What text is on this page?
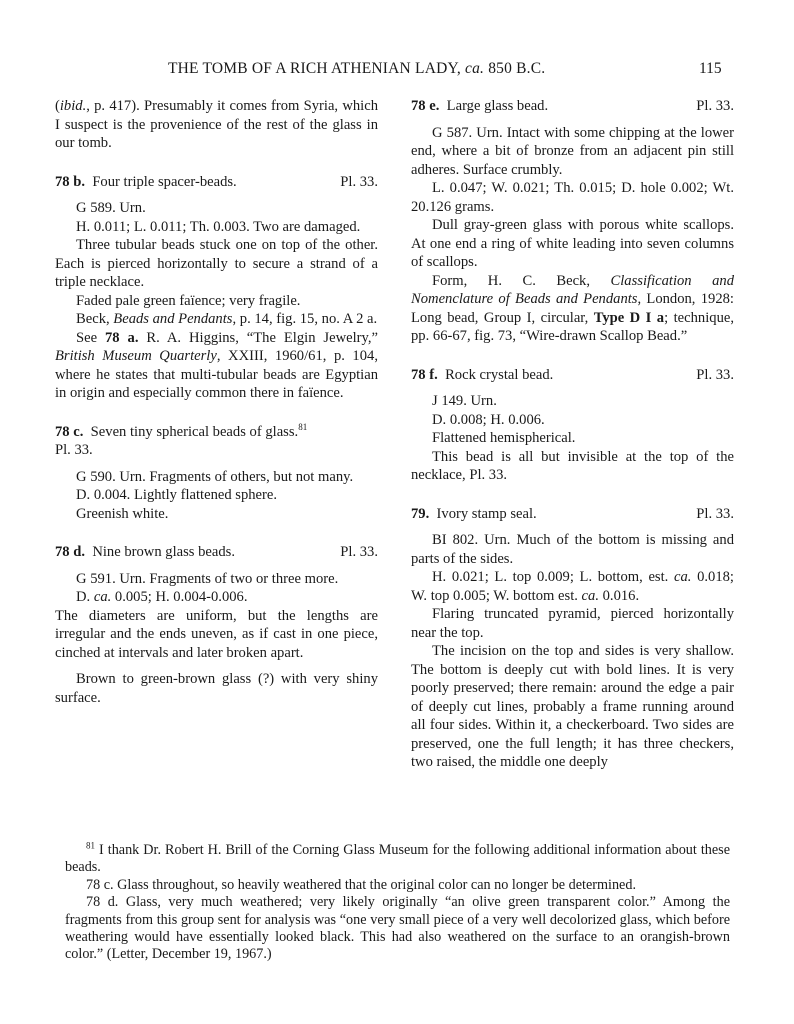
THE TOMB OF A RICH ATHENIAN LADY, ca. 850 B.C.	115

(ibid., p. 417). Presumably it comes from Syria, which I suspect is the provenience of the rest of the glass in our tomb.

78 b. Four triple spacer-beads.	Pl. 33.

G 589. Urn.

H. 0.011; L. 0.011; Th. 0.003. Two are damaged.

Three tubular beads stuck one on top of the other. Each is pierced horizontally to secure a strand of a triple necklace.

Faded pale green faïence; very fragile.

Beck, Beads and Pendants, p. 14, fig. 15, no. A 2 a.

See 78 a. R. A. Higgins, “The Elgin Jewelry,” British Museum Quarterly, XXIII, 1960/61, p. 104, where he states that multi-tubular beads are Egyptian in origin and especially common there in faïence.

78 c. Seven tiny spherical beads of glass.$^{81}$

Pl. 33.

G 590. Urn. Fragments of others, but not many.

D. 0.004. Lightly flattened sphere.

Greenish white.

78 d. Nine brown glass beads.	Pl. 33.

G 591. Urn. Fragments of two or three more.

D. ca. 0.005; H. 0.004-0.006.

The diameters are uniform, but the lengths are irregular and the ends uneven, as if cast in one piece, cinched at intervals and later broken apart.

Brown to green-brown glass (?) with very shiny surface.

78 e. Large glass bead.	Pl. 33.

G 587. Urn. Intact with some chipping at the lower end, where a bit of bronze from an adjacent pin still adheres. Surface crumbly.

L. 0.047; W. 0.021; Th. 0.015; D. hole 0.002; Wt. 20.126 grams.

Dull gray-green glass with porous white scallops. At one end a ring of white leading into seven columns of scallops.

Form, H. C. Beck, Classification and Nomenclature of Beads and Pendants, London, 1928: Long bead, Group I, circular, Type D I a; technique, pp. 66-67, fig. 73, “Wire-drawn Scallop Bead.”

78 f. Rock crystal bead.	Pl. 33.

J 149. Urn.

D. 0.008; H. 0.006.

Flattened hemispherical.

This bead is all but invisible at the top of the necklace, Pl. 33.

79. Ivory stamp seal.	Pl. 33.

BI 802. Urn. Much of the bottom is missing and parts of the sides.

H. 0.021; L. top 0.009; L. bottom, est. ca. 0.018; W. top 0.005; W. bottom est. ca. 0.016.

Flaring truncated pyramid, pierced horizontally near the top.

The incision on the top and sides is very shallow. The bottom is deeply cut with bold lines. It is very poorly preserved; there remain: around the edge a pair of deeply cut lines, probably a frame running around all four sides. Within it, a checkerboard. Two sides are preserved, one the full length; it has three checkers, two raised, the middle one deeply

$^{81}$ I thank Dr. Robert H. Brill of the Corning Glass Museum for the following additional information about these beads.

78 c. Glass throughout, so heavily weathered that the original color can no longer be determined.

78 d. Glass, very much weathered; very likely originally “an olive green transparent color.” Among the fragments from this group sent for analysis was “one very small piece of a very well decolorized glass, which before weathering would have essentially looked black. This had also weathered on the surface to an orangish-brown color.” (Letter, December 19, 1967.)
